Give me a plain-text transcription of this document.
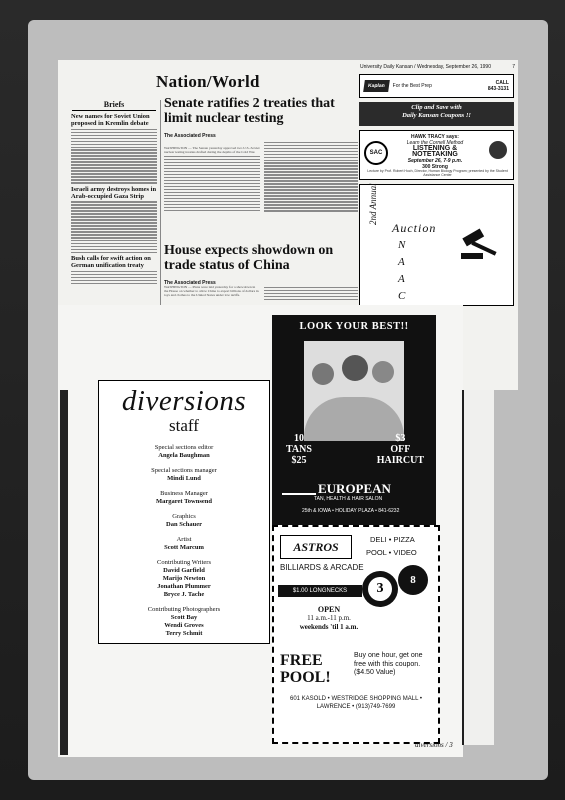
University Daily Kansan / Wednesday, September 26, 1990	7
Nation/World
Briefs
New names for Soviet Union proposed in Kremlin debate
Israeli army destroys homes in Arab-occupied Gaza Strip
Bush calls for swift action on German unification treaty
Senate ratifies 2 treaties that limit nuclear testing
The Associated Press
WASHINGTON — The Senate yesterday approved two U.S.-Soviet nuclear testing treaties drafted during the depths of the Cold War.
House expects showdown on trade status of China
The Associated Press
WASHINGTON — Plans were laid yesterday for a showdown in the House on whether to allow China to export billions of dollars in toys and clothes to the United States under low tariffs.
Kaplan	For the Best Prep	CALL
843-3131
Clip and Save with
Daily Kansan Coupons !!
SAC
HAWK TRACY says:
Learn the Cornell Method
LISTENING & NOTETAKING
September 26, 7-9 p.m.
300 Strong
Lecture by Prof. Robert Hoch, Director, Human Biology Program; presented by the Student Assistance Center
2nd Annual
Auction
N A A C
diversions
staff
Special sections editor
Angela Baughman
Special sections manager
Mindi Lund
Business Manager
Margaret Townsend
Graphics
Dan Schauer
Artist
Scott Marcum
Contributing Writers
David Garfield
Marijo Newton
Jonathan Plummer
Bryce J. Tache
Contributing Photographers
Scott Bay
Wendi Groves
Terry Schmit
LOOK YOUR BEST!!
10
TANS
$25
$3
OFF
HAIRCUT
EUROPEAN
TAN, HEALTH & HAIR SALON
25th & IOWA • HOLIDAY PLAZA • 841-6232
ASTROS	DELI • PIZZA
POOL • VIDEO
BILLIARDS & ARCADE
$1.00 LONGNECKS	3
8
OPEN
11 a.m.-11 p.m.
weekends 'til 1 a.m.
FREE POOL!
Buy one hour, get one free with this coupon. ($4.50 Value)
601 KASOLD • WESTRIDGE SHOPPING MALL •
LAWRENCE • (913)749-7699
diversions / 3
